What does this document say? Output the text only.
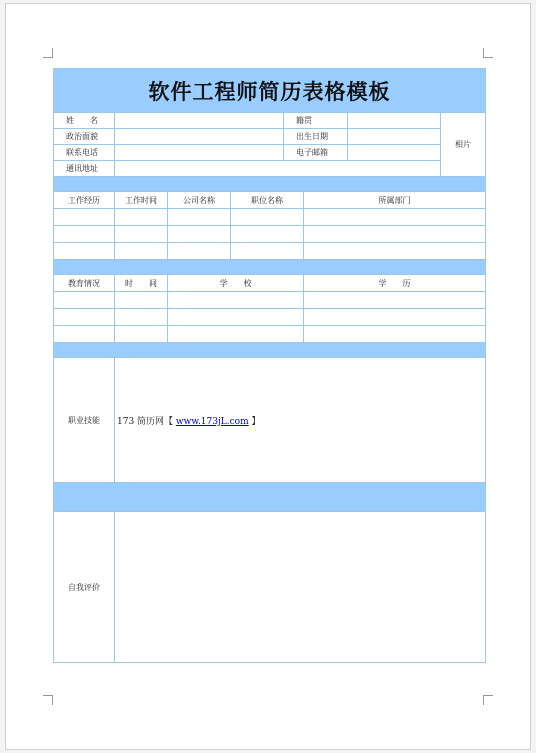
软件工程师简历表格模板							
姓　　名				籍贯			相片
政治面貌				出生日期			
联系电话				电子邮箱			
通讯地址							

工作经历	工作时间	公司名称	职位名称		所属部门		

教育情况	时　　间	学　　校			学　　历		

职业技能	173 简历网【 www.173jL.com 】						

自我评价							
